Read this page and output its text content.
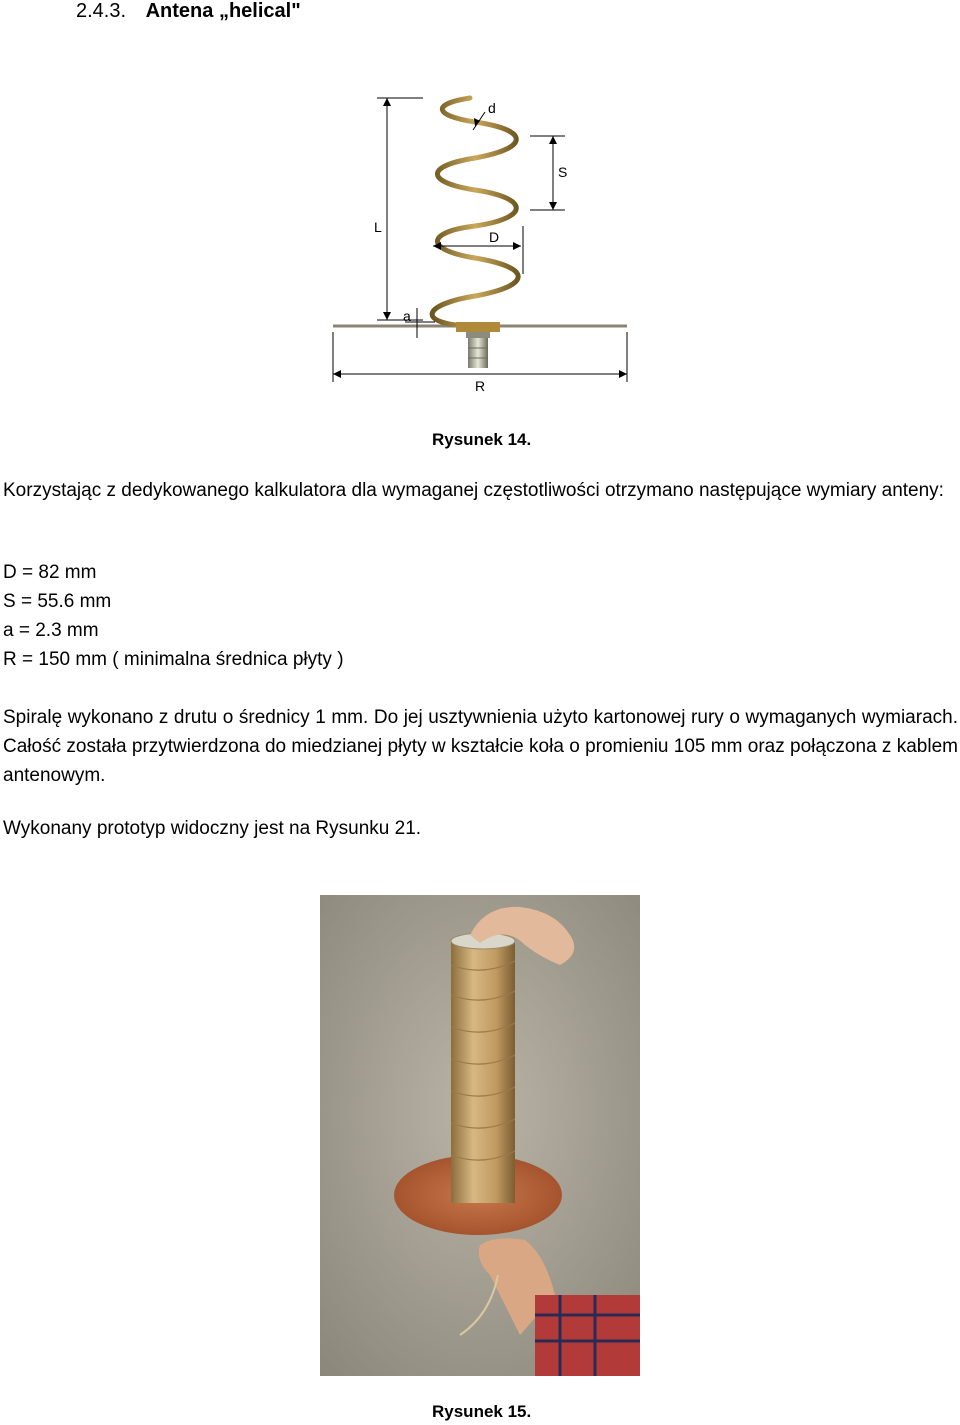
2.4.3. Antena „helical"
L
S
D
d
a
R
Rysunek 14.
Korzystając z dedykowanego kalkulatora dla wymaganej częstotliwości otrzymano następujące wymiary anteny:
D = 82 mm
S = 55.6 mm
a = 2.3 mm
R = 150 mm ( minimalna średnica płyty )
Spiralę wykonano z drutu o średnicy 1 mm. Do jej usztywnienia użyto kartonowej rury o wymaganych wymiarach. Całość została przytwierdzona do miedzianej płyty w kształcie koła o promieniu 105 mm oraz połączona z kablem antenowym.
Wykonany prototyp widoczny jest na Rysunku 21.
Rysunek 15.
